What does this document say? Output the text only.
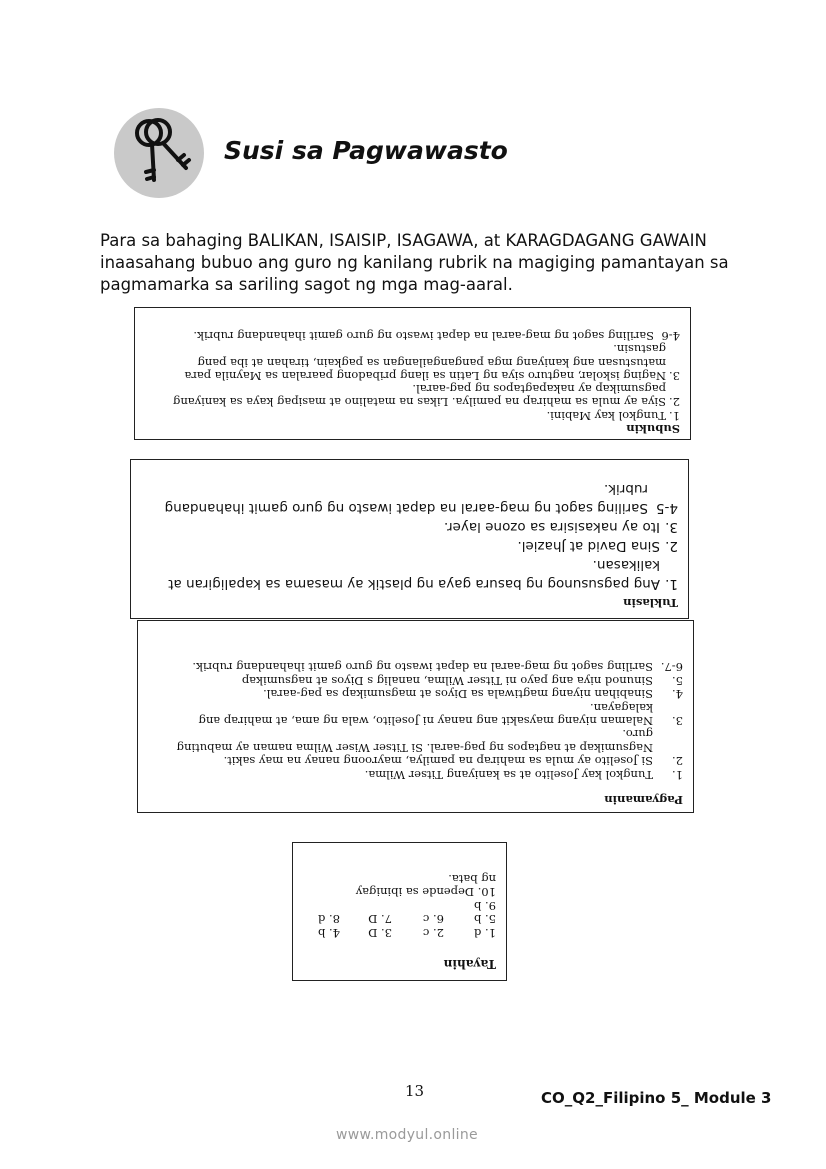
Susi sa Pagwawasto

Para sa bahaging BALIKAN, ISAISIP, ISAGAWA, at KARAGDAGANG GAWAIN

inaasahang bubuo ang guro ng kanilang rubrik na magiging pamantayan sa

pagmamarka sa sariling sagot ng mga mag-aaral.

Subukin
1.
Tungkol kay Mabini.
2.
Siya ay mula sa mahirap na pamilya. Likas na matalino at masipag kaya sa kaniyang pagsumikap ay nakapagtapos ng pag-aaral.
3.
Naging iskolar, nagturo siya ng Latin sa ilang pribadong paaralan sa Maynila para matustusan ang kaniyang mga pangangailangan sa pagkain, tirahan at iba pang gastusin.
4-6
Sariling sagot ng mag-aaral na dapat iwasto ng guro gamit ihahandang rubrik.
Tuklasin
1.
Ang pagsusunog ng basura gaya ng plastik ay masama sa kapaligiran at kalikasan.
2.
Sina David at Jhaziel.
3.
Ito ay nakasisira sa ozone layer.
4-5
Sariling sagot ng mag-aaral na dapat iwasto ng guro gamit ihahandang rubrik.
Pagyamanin
1.
Tungkol kay Joselito at sa kaniyang Titser Wilma.
2.
Si Joselito ay mula sa mahirap na pamilya, mayroong nanay na may sakit. Nagsumikap at nagtapos ng pag-aaral. Si Titser Wiser Wilma naman ay mabuting guro.
3.
Nalaman niyang maysakit ang nanay ni Joselito, wala ng ama, at mahirap ang kalagayan.
4.
Sinabihan niyang magtiwala sa Diyos at magsumikap sa pag-aaral.
5.
Sinunod niya ang payo ni Titser Wilma, nanalig s Diyos at nagsumikap
6-7.
Sariling sagot ng mag-aaral na dapat iwasto ng guro gamit ihahandang rubrik.
Tayahin
1. d
2. c
3. D
4. b
5. b
6. c
7. D
8. d
9. b
10. Depende sa ibinigay ng bata.
13	CO_Q2_Filipino 5_ Module 3
www.modyul.online
